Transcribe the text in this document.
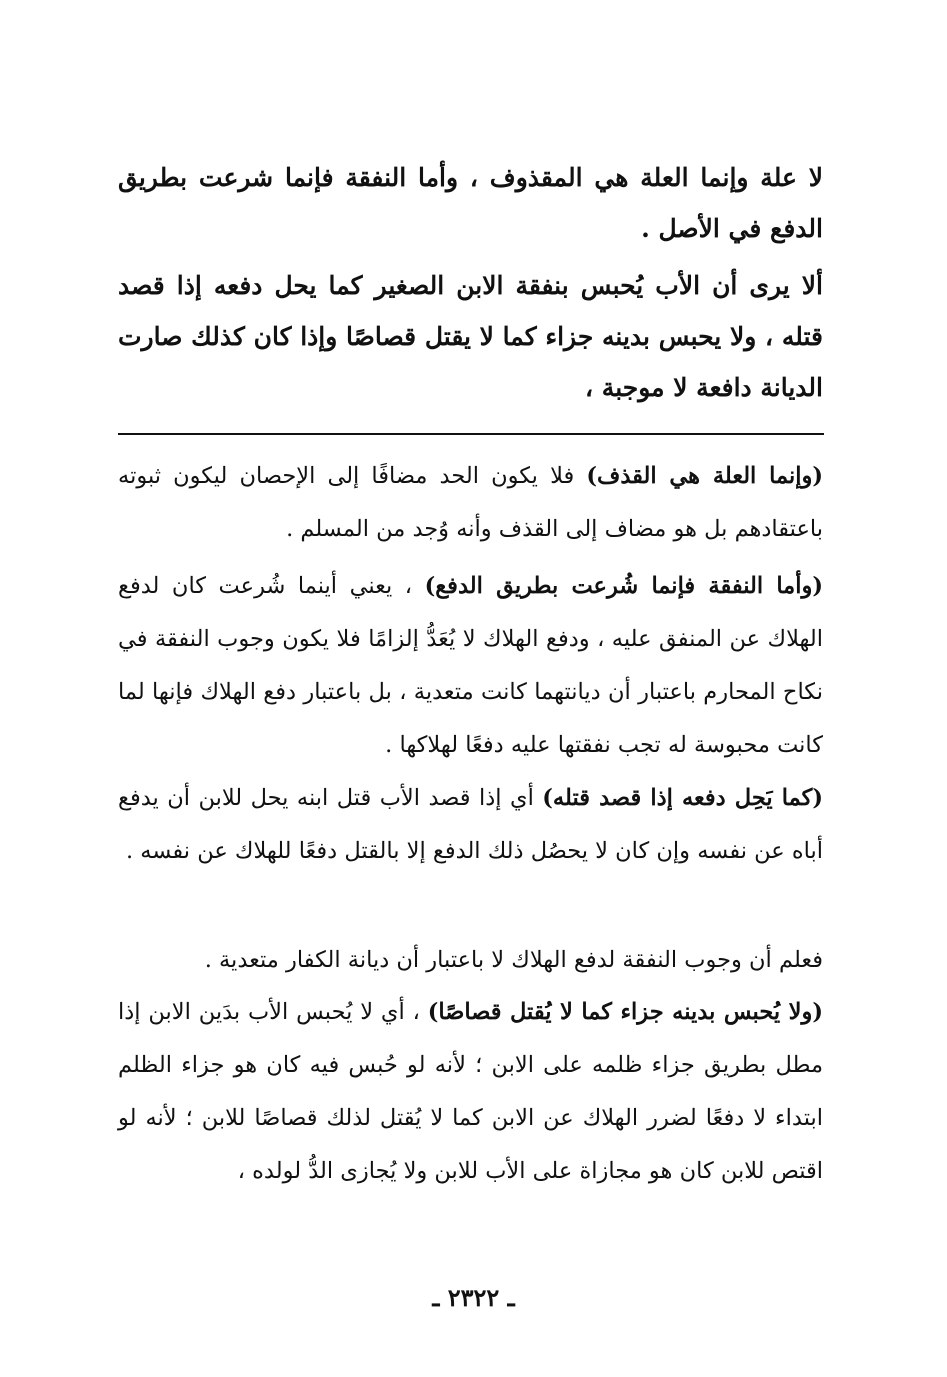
لا علة وإنما العلة هي المقذوف ، وأما النفقة فإنما شرعت بطريق الدفع في الأصل .

ألا يرى أن الأب يُحبس بنفقة الابن الصغير كما يحل دفعه إذا قصد قتله ، ولا يحبس بدينه جزاء كما لا يقتل قصاصًا وإذا كان كذلك صارت الديانة دافعة لا موجبة ،

(وإنما العلة هي القذف) فلا يكون الحد مضافًا إلى الإحصان ليكون ثبوته باعتقادهم بل هو مضاف إلى القذف وأنه وُجد من المسلم .

(وأما النفقة فإنما شُرعت بطريق الدفع) ، يعني أينما شُرعت كان لدفع الهلاك عن المنفق عليه ، ودفع الهلاك لا يُعَدُّ إلزامًا فلا يكون وجوب النفقة في نكاح المحارم باعتبار أن ديانتهما كانت متعدية ، بل باعتبار دفع الهلاك فإنها لما كانت محبوسة له تجب نفقتها عليه دفعًا لهلاكها .

(كما يَحِل دفعه إذا قصد قتله) أي إذا قصد الأب قتل ابنه يحل للابن أن يدفع أباه عن نفسه وإن كان لا يحصُل ذلك الدفع إلا بالقتل دفعًا للهلاك عن نفسه .

فعلم أن وجوب النفقة لدفع الهلاك لا باعتبار أن ديانة الكفار متعدية .

(ولا يُحبس بدينه جزاء كما لا يُقتل قصاصًا) ، أي لا يُحبس الأب بدَين الابن إذا مطل بطريق جزاء ظلمه على الابن ؛ لأنه لو حُبس فيه كان هو جزاء الظلم ابتداء لا دفعًا لضرر الهلاك عن الابن كما لا يُقتل لذلك قصاصًا للابن ؛ لأنه لو اقتص للابن كان هو مجازاة على الأب للابن ولا يُجازى الدُّ لولده ،

ـ ٢٣٢٢ ـ
